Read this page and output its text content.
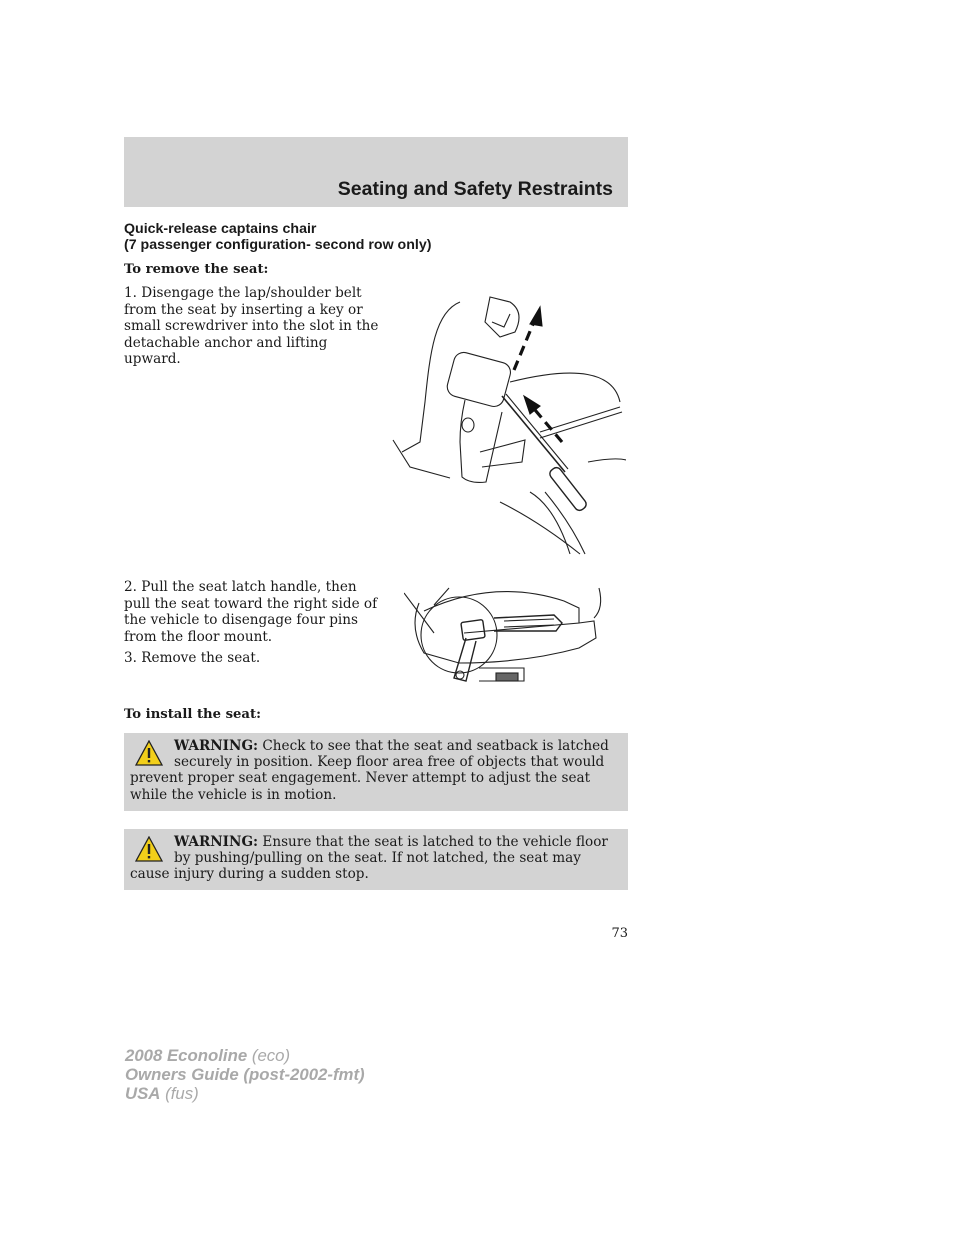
Seating and Safety Restraints
Quick-release captains chair
(7 passenger configuration- second row only)
To remove the seat:

1. Disengage the lap/shoulder belt from the seat by inserting a key or small screwdriver into the slot in the detachable anchor and lifting upward.

2. Pull the seat latch handle, then pull the seat toward the right side of the vehicle to disengage four pins from the floor mount.

3. Remove the seat.

To install the seat:

WARNING: Check to see that the seat and seatback is latched securely in position. Keep floor area free of objects that would prevent proper seat engagement. Never attempt to adjust the seat while the vehicle is in motion.

WARNING: Ensure that the seat is latched to the vehicle floor by pushing/pulling on the seat. If not latched, the seat may cause injury during a sudden stop.

73
2008 Econoline (eco)
Owners Guide (post-2002-fmt)
USA (fus)
